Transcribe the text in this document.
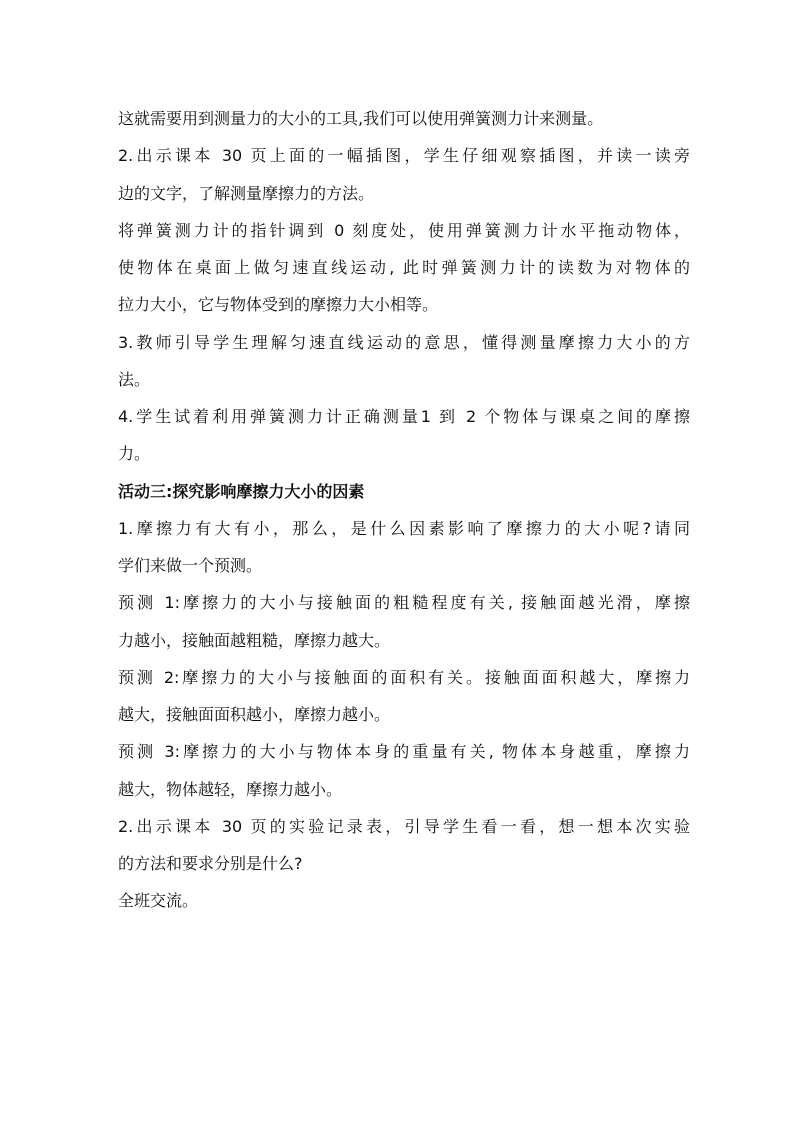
这就需要用到测量力的大小的工具,我们可以使用弹簧测力计来测量。
2.出示课本 30 页上面的一幅插图，学生仔细观察插图，并读一读旁
边的文字，了解测量摩擦力的方法。
将弹簧测力计的指针调到 0 刻度处，使用弹簧测力计水平拖动物体，
使物体在桌面上做匀速直线运动, 此时弹簧测力计的读数为对物体的
拉力大小，它与物体受到的摩擦力大小相等。
3.教师引导学生理解匀速直线运动的意思，懂得测量摩擦力大小的方
法。
4.学生试着利用弹簧测力计正确测量1 到 2 个物体与课桌之间的摩擦
力。
活动三:探究影响摩擦力大小的因素
1.摩擦力有大有小，那么，是什么因素影响了摩擦力的大小呢?请同
学们来做一个预测。
预测 1:摩擦力的大小与接触面的粗糙程度有关, 接触面越光滑，摩擦
力越小，接触面越粗糙，摩擦力越大。
预测 2:摩擦力的大小与接触面的面积有关。接触面面积越大，摩擦力
越大，接触面面积越小，摩擦力越小。
预测 3:摩擦力的大小与物体本身的重量有关, 物体本身越重，摩擦力
越大，物体越轻，摩擦力越小。
2.出示课本 30 页的实验记录表，引导学生看一看，想一想本次实验
的方法和要求分别是什么?
全班交流。
